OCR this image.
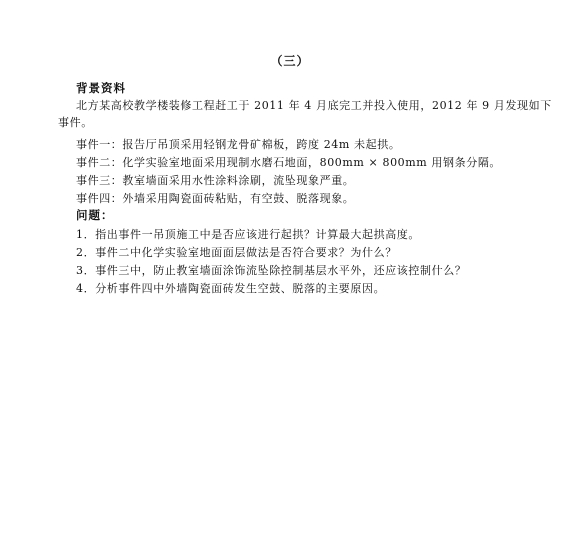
（三）
背景资料
北方某高校教学楼装修工程赶工于 2011 年 4 月底完工并投入使用，2012 年 9 月发现如下事件。
事件一：报告厅吊顶采用轻钢龙骨矿棉板，跨度 24m 未起拱。
事件二：化学实验室地面采用现制水磨石地面，800mm × 800mm 用钢条分隔。
事件三：教室墙面采用水性涂料涂刷，流坠现象严重。
事件四：外墙采用陶瓷面砖粘贴，有空鼓、脱落现象。
问题：
1．指出事件一吊顶施工中是否应该进行起拱？计算最大起拱高度。
2．事件二中化学实验室地面面层做法是否符合要求？为什么？
3．事件三中，防止教室墙面涂饰流坠除控制基层水平外，还应该控制什么？
4．分析事件四中外墙陶瓷面砖发生空鼓、脱落的主要原因。
